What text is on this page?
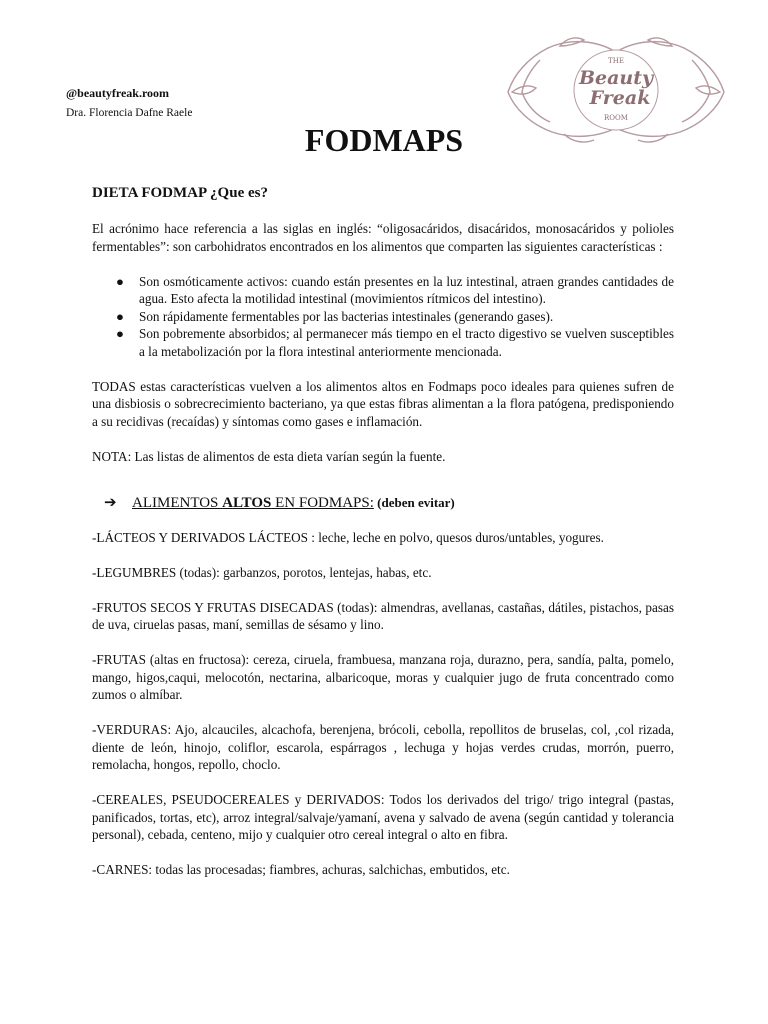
@beautyfreak.room

Dra. Florencia Dafne Raele

THE
Beauty
Freak
ROOM
FODMAPS
DIETA FODMAP ¿Que es?

El acrónimo hace referencia a las siglas en inglés: “oligosacáridos, disacáridos, monosacáridos y polioles fermentables”: son carbohidratos encontrados en los alimentos que comparten las siguientes características :

● Son osmóticamente activos: cuando están presentes en la luz intestinal, atraen grandes cantidades de agua. Esto afecta la motilidad intestinal (movimientos rítmicos del intestino).
● Son rápidamente fermentables por las bacterias intestinales (generando gases).
● Son pobremente absorbidos; al permanecer más tiempo en el tracto digestivo se vuelven susceptibles a la metabolización por la flora intestinal anteriormente mencionada.

TODAS estas características vuelven a los alimentos altos en Fodmaps poco ideales para quienes sufren de una disbiosis o sobrecrecimiento bacteriano, ya que estas fibras alimentan a la flora patógena, predisponiendo a su recidivas (recaídas) y síntomas como gases e inflamación.

NOTA: Las listas de alimentos de esta dieta varían según la fuente.

➔ ALIMENTOS ALTOS EN FODMAPS: (deben evitar)

-LÁCTEOS Y DERIVADOS LÁCTEOS : leche, leche en polvo, quesos duros/untables, yogures.

-LEGUMBRES (todas): garbanzos, porotos, lentejas, habas, etc.

-FRUTOS SECOS Y FRUTAS DISECADAS (todas): almendras, avellanas, castañas, dátiles, pistachos, pasas de uva, ciruelas pasas, maní, semillas de sésamo y lino.

-FRUTAS (altas en fructosa): cereza, ciruela, frambuesa, manzana roja, durazno, pera, sandía, palta, pomelo, mango, higos,caqui, melocotón, nectarina, albaricoque, moras y cualquier jugo de fruta concentrado como zumos o almíbar.

-VERDURAS: Ajo, alcauciles, alcachofa, berenjena, brócoli, cebolla, repollitos de bruselas, col, ,col rizada, diente de león, hinojo, coliflor, escarola, espárragos , lechuga y hojas verdes crudas, morrón, puerro, remolacha, hongos, repollo, choclo.

-CEREALES, PSEUDOCEREALES y DERIVADOS: Todos los derivados del trigo/ trigo integral (pastas, panificados, tortas, etc), arroz integral/salvaje/yamaní, avena y salvado de avena (según cantidad y tolerancia personal), cebada, centeno, mijo y cualquier otro cereal integral o alto en fibra.

-CARNES: todas las procesadas; fiambres, achuras, salchichas, embutidos, etc.
